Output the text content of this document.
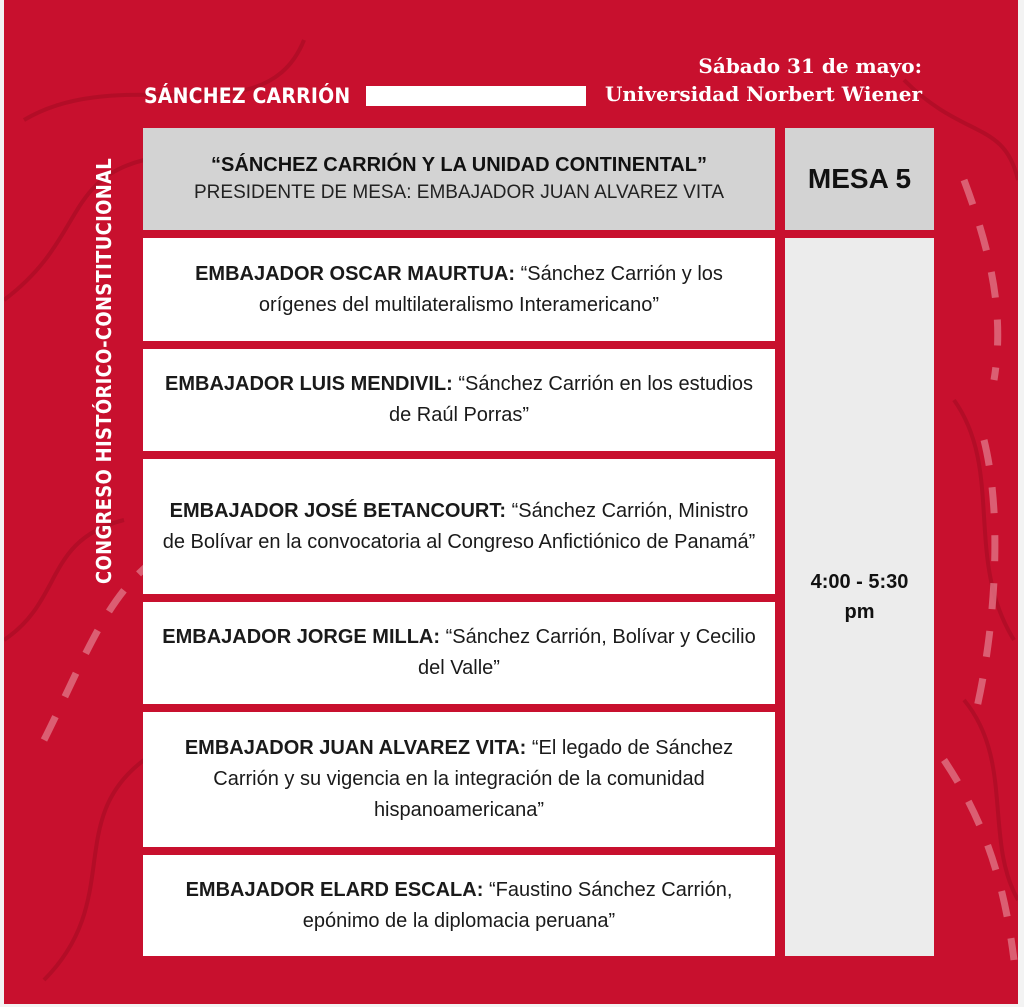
SÁNCHEZ CARRIÓN
Sábado 31 de mayo:
Universidad Norbert Wiener
CONGRESO HISTÓRICO-CONSTITUCIONAL	“SÁNCHEZ CARRIÓN Y LA UNIDAD CONTINENTAL”
PRESIDENTE DE MESA: EMBAJADOR JUAN ALVAREZ VITA	MESA 5
4:00 - 5:30 pm

EMBAJADOR OSCAR MAURTUA: “Sánchez Carrión y los orígenes del multilateralismo Interamericano”

EMBAJADOR LUIS MENDIVIL: “Sánchez Carrión en los estudios de Raúl Porras”

EMBAJADOR JOSÉ BETANCOURT: “Sánchez Carrión, Ministro de Bolívar en la convocatoria al Congreso Anfictiónico de Panamá”

EMBAJADOR JORGE MILLA: “Sánchez Carrión, Bolívar y Cecilio del Valle”

EMBAJADOR JUAN ALVAREZ VITA: “El legado de Sánchez Carrión y su vigencia en la integración de la comunidad hispanoamericana”

EMBAJADOR ELARD ESCALA: “Faustino Sánchez Carrión, epónimo de la diplomacia peruana”
